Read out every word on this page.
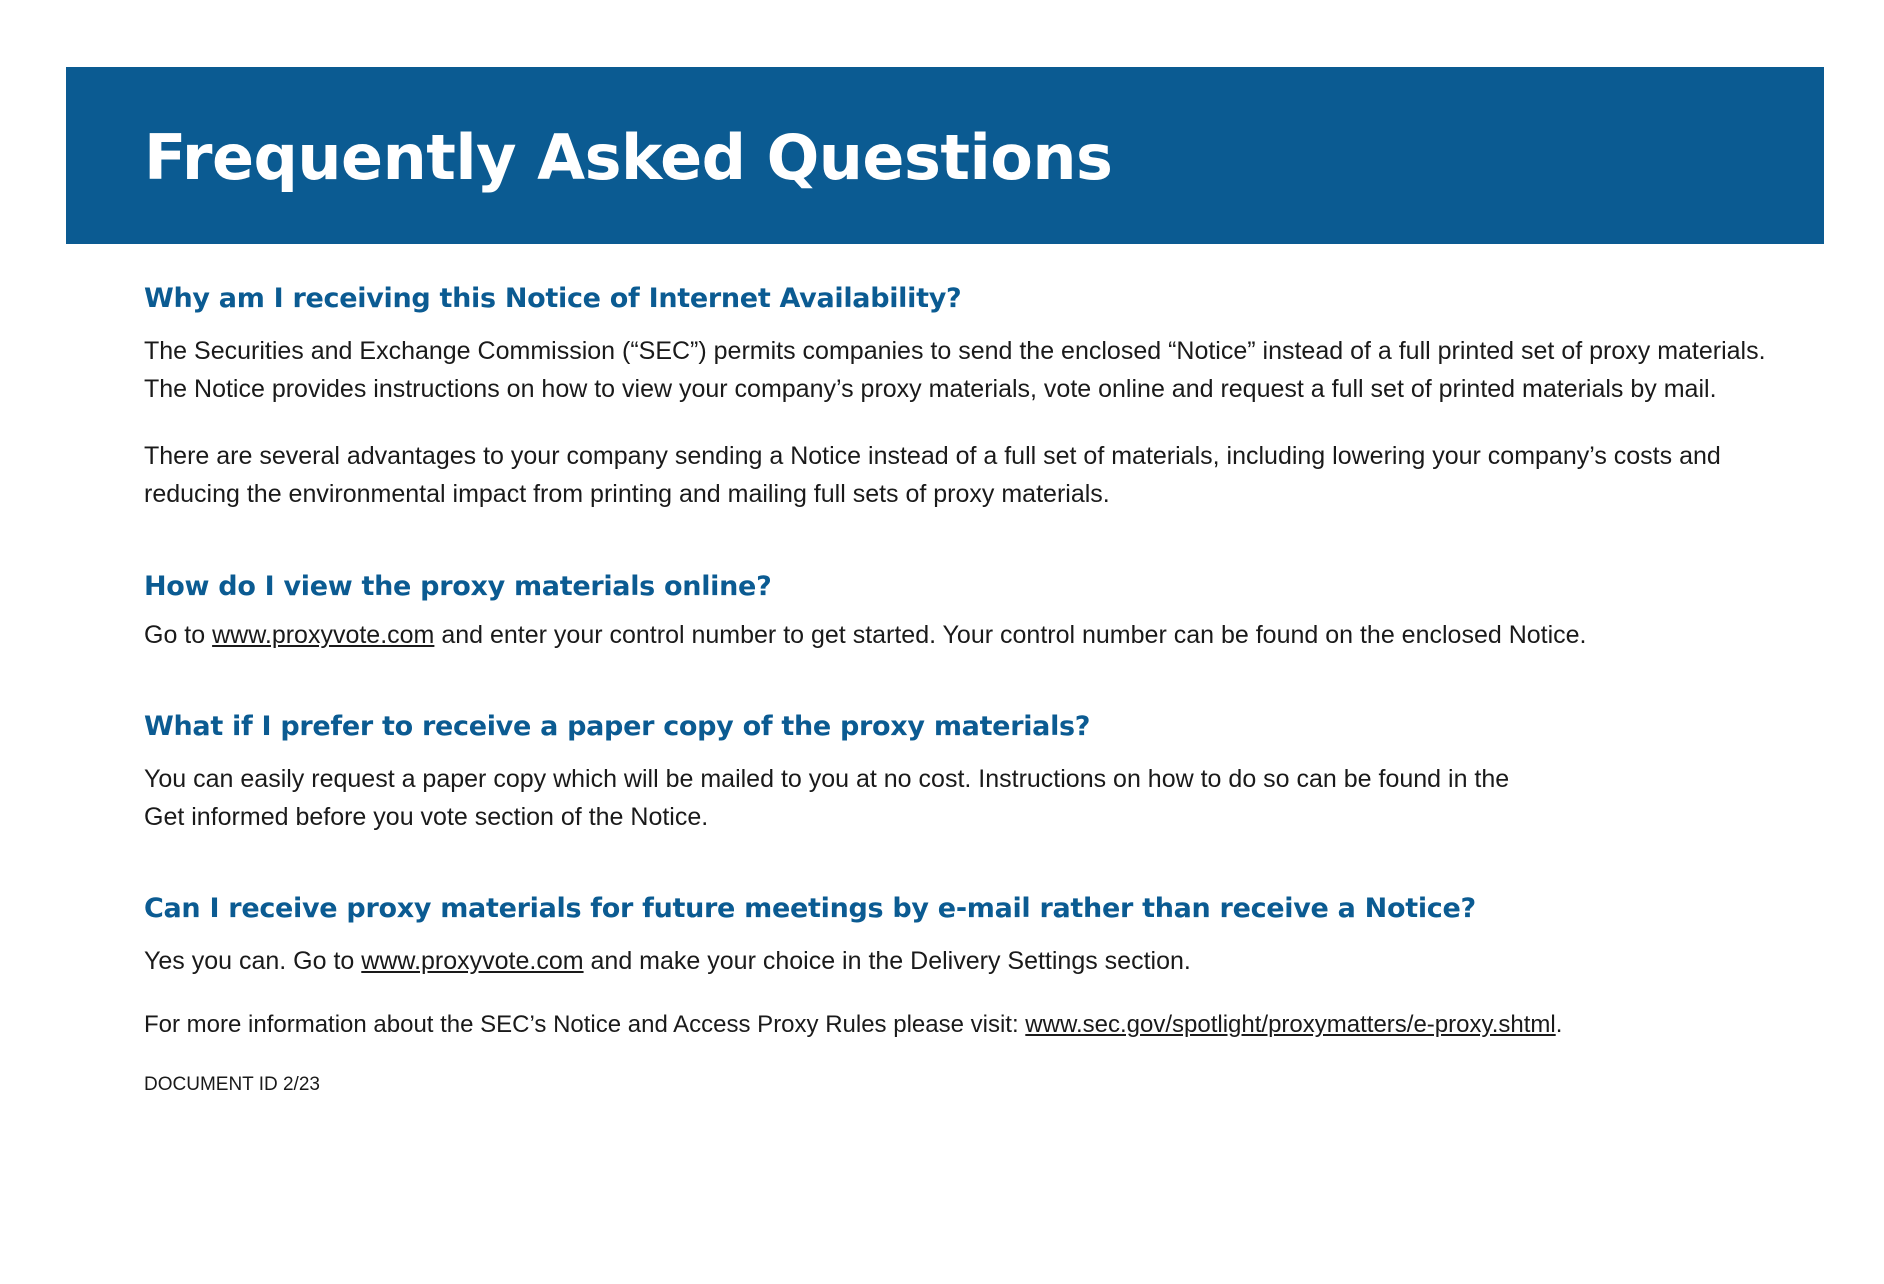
Frequently Asked Questions
Why am I receiving this Notice of Internet Availability?

The Securities and Exchange Commission (“SEC”) permits companies to send the enclosed “Notice” instead of a full printed set of proxy materials. The Notice provides instructions on how to view your company’s proxy materials, vote online and request a full set of printed materials by mail.

There are several advantages to your company sending a Notice instead of a full set of materials, including lowering your company’s costs and reducing the environmental impact from printing and mailing full sets of proxy materials.

How do I view the proxy materials online?

Go to www.proxyvote.com and enter your control number to get started. Your control number can be found on the enclosed Notice.

What if I prefer to receive a paper copy of the proxy materials?

You can easily request a paper copy which will be mailed to you at no cost. Instructions on how to do so can be found in the
Get informed before you vote section of the Notice.

Can I receive proxy materials for future meetings by e-mail rather than receive a Notice?

Yes you can. Go to www.proxyvote.com and make your choice in the Delivery Settings section.

For more information about the SEC’s Notice and Access Proxy Rules please visit: www.sec.gov/spotlight/proxymatters/e-proxy.shtml.

DOCUMENT ID 2/23
